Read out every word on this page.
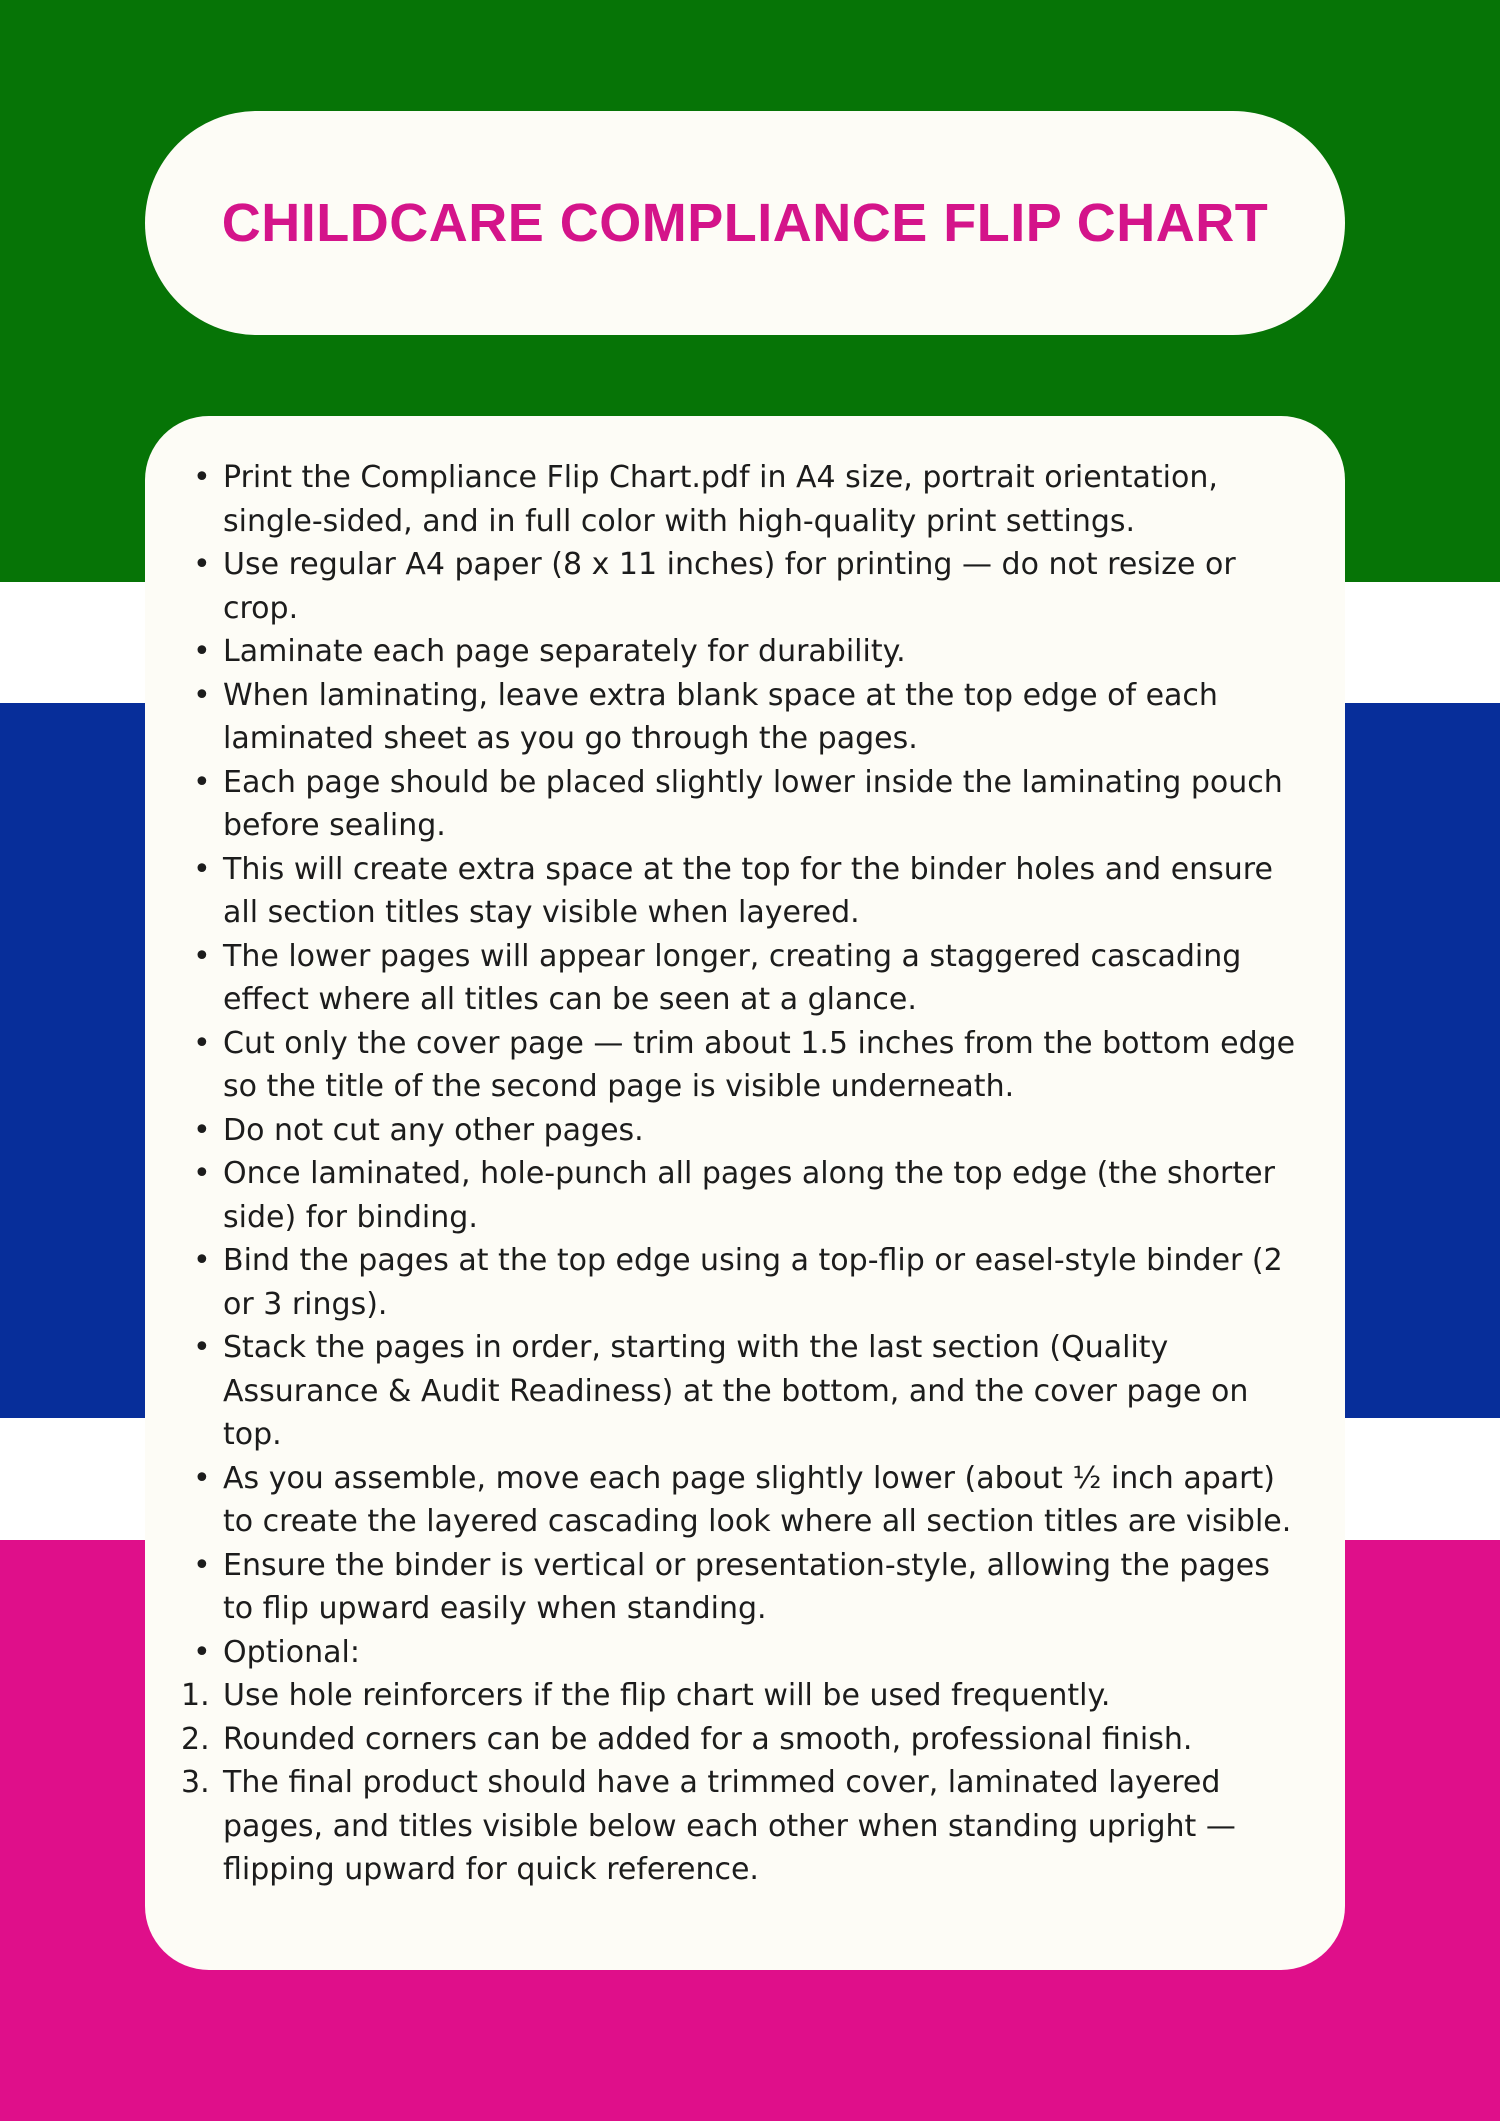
CHILDCARE COMPLIANCE FLIP CHART
• Print the Compliance Flip Chart.pdf in A4 size, portrait orientation, single-sided, and in full color with high-quality print settings.
• Use regular A4 paper (8 x 11 inches) for printing — do not resize or crop.
• Laminate each page separately for durability.
• When laminating, leave extra blank space at the top edge of each laminated sheet as you go through the pages.
• Each page should be placed slightly lower inside the laminating pouch before sealing.
• This will create extra space at the top for the binder holes and ensure all section titles stay visible when layered.
• The lower pages will appear longer, creating a staggered cascading effect where all titles can be seen at a glance.
• Cut only the cover page — trim about 1.5 inches from the bottom edge so the title of the second page is visible underneath.
• Do not cut any other pages.
• Once laminated, hole-punch all pages along the top edge (the shorter side) for binding.
• Bind the pages at the top edge using a top-flip or easel-style binder (2 or 3 rings).
• Stack the pages in order, starting with the last section (Quality Assurance & Audit Readiness) at the bottom, and the cover page on top.
• As you assemble, move each page slightly lower (about ½ inch apart) to create the layered cascading look where all section titles are visible.
• Ensure the binder is vertical or presentation-style, allowing the pages to flip upward easily when standing.
• Optional:
1. Use hole reinforcers if the flip chart will be used frequently.
2. Rounded corners can be added for a smooth, professional finish.
3. The final product should have a trimmed cover, laminated layered pages, and titles visible below each other when standing upright — flipping upward for quick reference.
